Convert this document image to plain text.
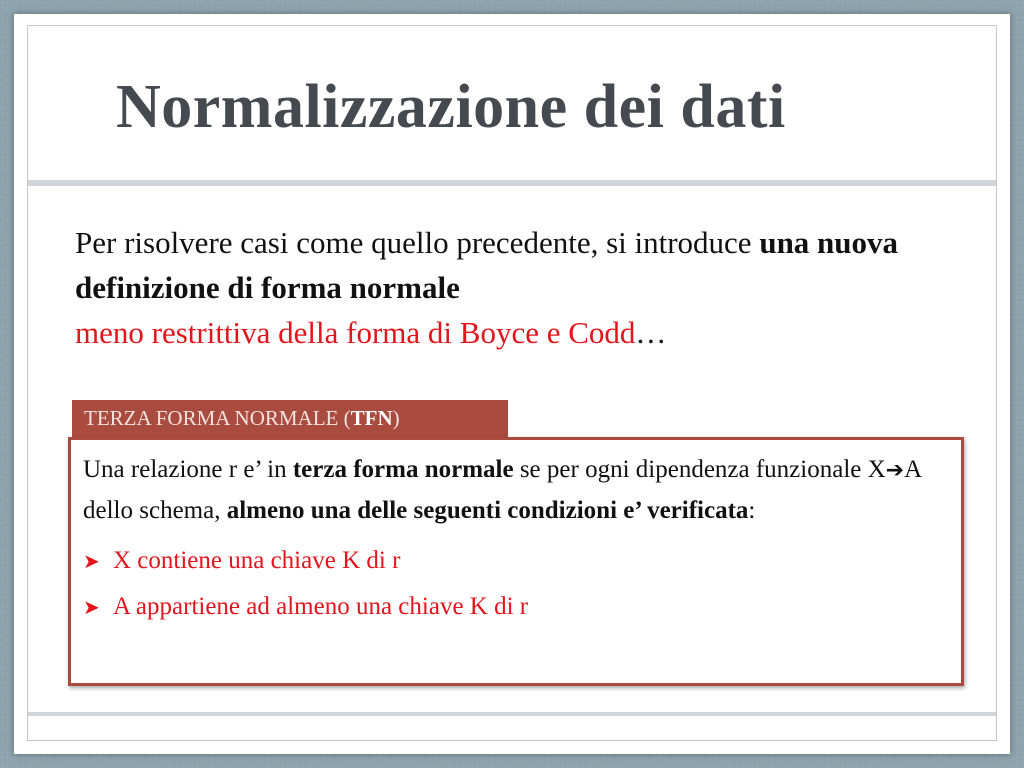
Normalizzazione dei dati
Per risolvere casi come quello precedente, si introduce una nuova definizione di forma normale
meno restrittiva della forma di Boyce e Codd…
TERZA FORMA NORMALE (TFN)
Una relazione r e’ in terza forma normale se per ogni dipendenza funzionale X➔A dello schema, almeno una delle seguenti condizioni e’ verificata:
➤ X contiene una chiave K di r
➤ A appartiene ad almeno una chiave K di r
